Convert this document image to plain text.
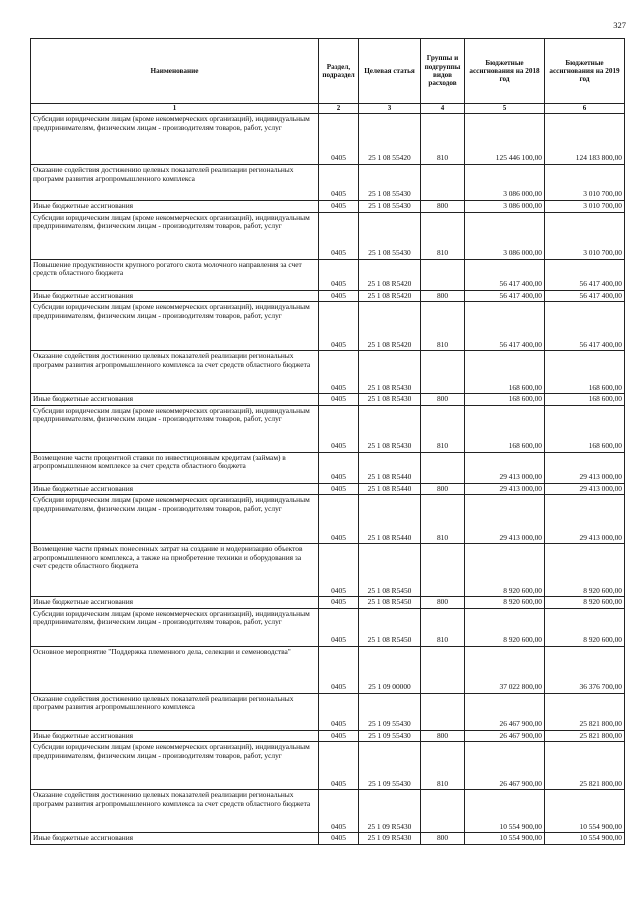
327
Наименование	Раздел, подраздел	Целевая статья	Группы и подгруппы видов расходов	Бюджетные ассигнования на 2018 год	Бюджетные ассигнования на 2019 год
1	2	3	4	5	6
Субсидии юридическим лицам (кроме некоммерческих организаций), индивидуальным предпринимателям, физическим лицам - производителям товаров, работ, услуг	0405	25 1 08 55420	810	125 446 100,00	124 183 800,00
Оказание содействия достижению целевых показателей реализации региональных программ развития агропромышленного комплекса	0405	25 1 08 55430		3 086 000,00	3 010 700,00
Иные бюджетные ассигнования	0405	25 1 08 55430	800	3 086 000,00	3 010 700,00
Субсидии юридическим лицам (кроме некоммерческих организаций), индивидуальным предпринимателям, физическим лицам - производителям товаров, работ, услуг	0405	25 1 08 55430	810	3 086 000,00	3 010 700,00
Повышение продуктивности крупного рогатого скота молочного направления за счет средств областного бюджета	0405	25 1 08 R5420		56 417 400,00	56 417 400,00
Иные бюджетные ассигнования	0405	25 1 08 R5420	800	56 417 400,00	56 417 400,00
Субсидии юридическим лицам (кроме некоммерческих организаций), индивидуальным предпринимателям, физическим лицам - производителям товаров, работ, услуг	0405	25 1 08 R5420	810	56 417 400,00	56 417 400,00
Оказание содействия достижению целевых показателей реализации региональных программ развития агропромышленного комплекса за счет средств областного бюджета	0405	25 1 08 R5430		168 600,00	168 600,00
Иные бюджетные ассигнования	0405	25 1 08 R5430	800	168 600,00	168 600,00
Субсидии юридическим лицам (кроме некоммерческих организаций), индивидуальным предпринимателям, физическим лицам - производителям товаров, работ, услуг	0405	25 1 08 R5430	810	168 600,00	168 600,00
Возмещение части процентной ставки по инвестиционным кредитам (займам) в агропромышленном комплексе за счет средств областного бюджета	0405	25 1 08 R5440		29 413 000,00	29 413 000,00
Иные бюджетные ассигнования	0405	25 1 08 R5440	800	29 413 000,00	29 413 000,00
Субсидии юридическим лицам (кроме некоммерческих организаций), индивидуальным предпринимателям, физическим лицам - производителям товаров, работ, услуг	0405	25 1 08 R5440	810	29 413 000,00	29 413 000,00
Возмещение части прямых понесенных затрат на создание и модернизацию объектов агропромышленного комплекса, а также на приобретение техники и оборудования за счет средств областного бюджета	0405	25 1 08 R5450		8 920 600,00	8 920 600,00
Иные бюджетные ассигнования	0405	25 1 08 R5450	800	8 920 600,00	8 920 600,00
Субсидии юридическим лицам (кроме некоммерческих организаций), индивидуальным предпринимателям, физическим лицам - производителям товаров, работ, услуг	0405	25 1 08 R5450	810	8 920 600,00	8 920 600,00
Основное мероприятие "Поддержка племенного дела, селекции и семеноводства"	0405	25 1 09 00000		37 022 800,00	36 376 700,00
Оказание содействия достижению целевых показателей реализации региональных программ развития агропромышленного комплекса	0405	25 1 09 55430		26 467 900,00	25 821 800,00
Иные бюджетные ассигнования	0405	25 1 09 55430	800	26 467 900,00	25 821 800,00
Субсидии юридическим лицам (кроме некоммерческих организаций), индивидуальным предпринимателям, физическим лицам - производителям товаров, работ, услуг	0405	25 1 09 55430	810	26 467 900,00	25 821 800,00
Оказание содействия достижению целевых показателей реализации региональных программ развития агропромышленного комплекса за счет средств областного бюджета	0405	25 1 09 R5430		10 554 900,00	10 554 900,00
Иные бюджетные ассигнования	0405	25 1 09 R5430	800	10 554 900,00	10 554 900,00
